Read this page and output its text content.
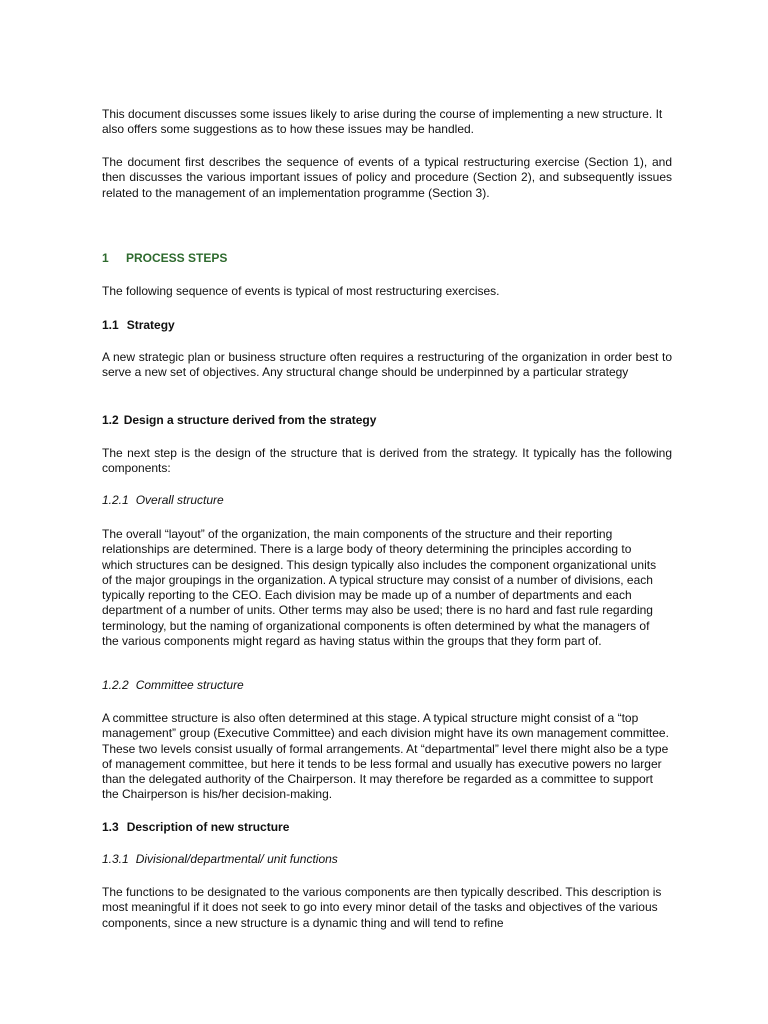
This document discusses some issues likely to arise during the course of implementing a new structure. It also offers some suggestions as to how these issues may be handled.

The document first describes the sequence of events of a typical restructuring exercise (Section 1), and then discusses the various important issues of policy and procedure (Section 2), and subsequently issues related to the management of an implementation programme (Section 3).

1 PROCESS STEPS

The following sequence of events is typical of most restructuring exercises.

1.1 Strategy

A new strategic plan or business structure often requires a restructuring of the organization in order best to serve a new set of objectives. Any structural change should be underpinned by a particular strategy

1.2 Design a structure derived from the strategy

The next step is the design of the structure that is derived from the strategy. It typically has the following components:

1.2.1 Overall structure

The overall “layout” of the organization, the main components of the structure and their reporting relationships are determined. There is a large body of theory determining the principles according to which structures can be designed. This design typically also includes the component organizational units of the major groupings in the organization. A typical structure may consist of a number of divisions, each typically reporting to the CEO. Each division may be made up of a number of departments and each department of a number of units. Other terms may also be used; there is no hard and fast rule regarding terminology, but the naming of organizational components is often determined by what the managers of the various components might regard as having status within the groups that they form part of.

1.2.2 Committee structure

A committee structure is also often determined at this stage. A typical structure might consist of a “top management” group (Executive Committee) and each division might have its own management committee. These two levels consist usually of formal arrangements. At “departmental” level there might also be a type of management committee, but here it tends to be less formal and usually has executive powers no larger than the delegated authority of the Chairperson. It may therefore be regarded as a committee to support the Chairperson is his/her decision-making.

1.3 Description of new structure
1.3.1 Divisional/departmental/ unit functions

The functions to be designated to the various components are then typically described. This description is most meaningful if it does not seek to go into every minor detail of the tasks and objectives of the various components, since a new structure is a dynamic thing and will tend to refine
